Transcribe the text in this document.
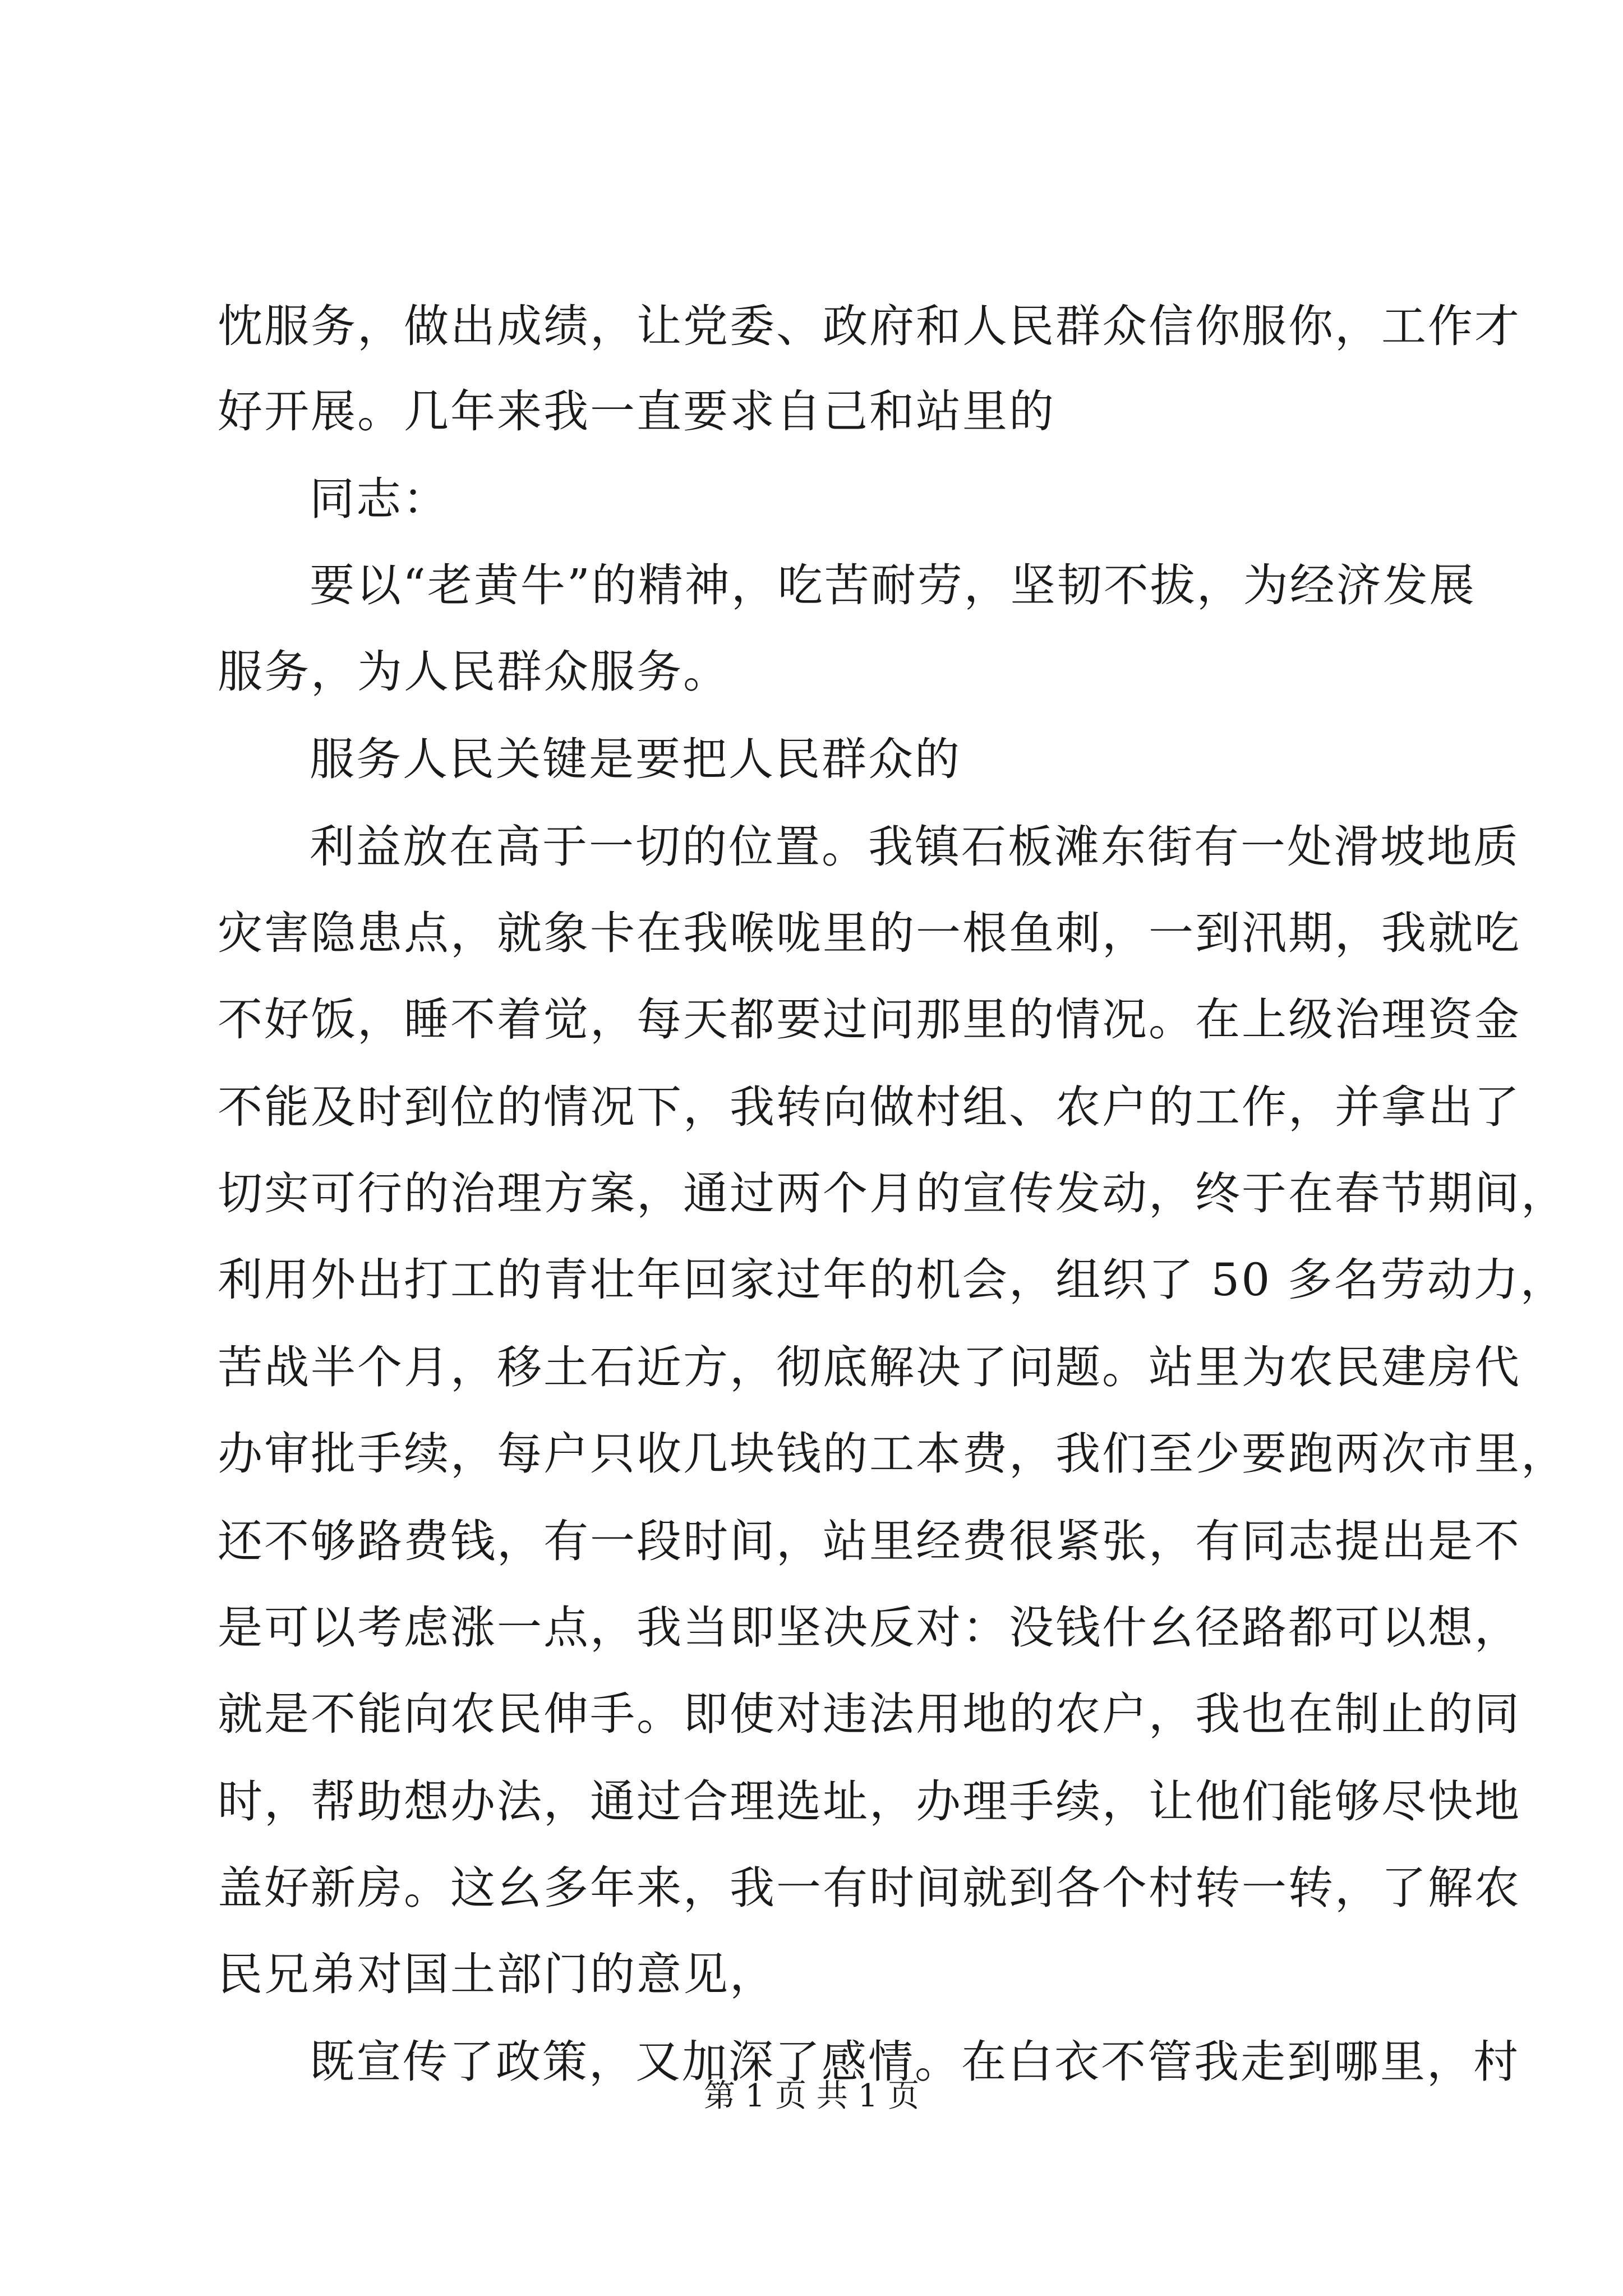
忱服务，做出成绩，让党委、政府和人民群众信你服你，工作才
好开展。几年来我一直要求自己和站里的
同志：
要以“老黄牛”的精神，吃苦耐劳，坚韧不拔，为经济发展
服务，为人民群众服务。
服务人民关键是要把人民群众的
利益放在高于一切的位置。我镇石板滩东街有一处滑坡地质
灾害隐患点，就象卡在我喉咙里的一根鱼刺，一到汛期，我就吃
不好饭，睡不着觉，每天都要过问那里的情况。在上级治理资金
不能及时到位的情况下，我转向做村组、农户的工作，并拿出了
切实可行的治理方案，通过两个月的宣传发动，终于在春节期间，
利用外出打工的青壮年回家过年的机会，组织了 50 多名劳动力，
苦战半个月，移土石近方，彻底解决了问题。站里为农民建房代
办审批手续，每户只收几块钱的工本费，我们至少要跑两次市里，
还不够路费钱，有一段时间，站里经费很紧张，有同志提出是不
是可以考虑涨一点，我当即坚决反对：没钱什幺径路都可以想，
就是不能向农民伸手。即使对违法用地的农户，我也在制止的同
时，帮助想办法，通过合理选址，办理手续，让他们能够尽快地
盖好新房。这幺多年来，我一有时间就到各个村转一转，了解农
民兄弟对国土部门的意见，
既宣传了政策，又加深了感情。在白衣不管我走到哪里，村
第 1 页 共 1 页
